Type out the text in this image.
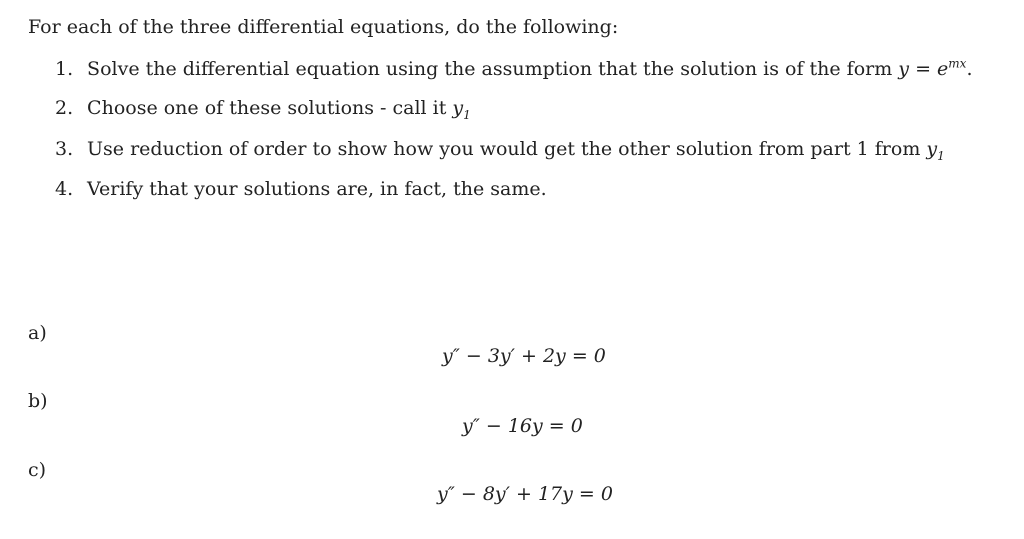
For each of the three differential equations, do the following:
1. Solve the differential equation using the assumption that the solution is of the form $y = e^{mx}$.
2. Choose one of these solutions - call it $y_1$
3. Use reduction of order to show how you would get the other solution from part 1 from $y_1$
4. Verify that your solutions are, in fact, the same.
a)
y″ − 3y′ + 2y = 0
b)
y″ − 16y = 0
c)
y″ − 8y′ + 17y = 0
